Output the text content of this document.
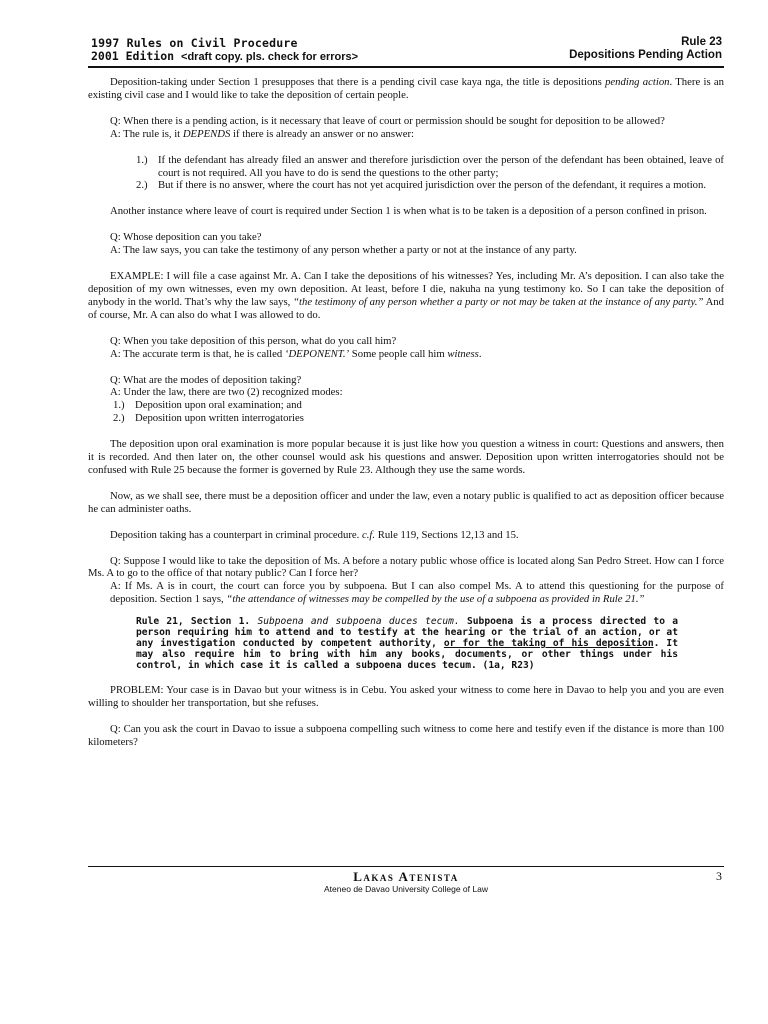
1997 Rules on Civil Procedure
2001 Edition <draft copy. pls. check for errors>
Rule 23
Depositions Pending Action

Deposition-taking under Section 1 presupposes that there is a pending civil case kaya nga, the title is depositions pending action. There is an existing civil case and I would like to take the deposition of certain people.

Q: When there is a pending action, is it necessary that leave of court or permission should be sought for deposition to be allowed?

A: The rule is, it DEPENDS if there is already an answer or no answer:

1.) If the defendant has already filed an answer and therefore jurisdiction over the person of the defendant has been obtained, leave of court is not required. All you have to do is send the questions to the other party;

2.) But if there is no answer, where the court has not yet acquired jurisdiction over the person of the defendant, it requires a motion.

Another instance where leave of court is required under Section 1 is when what is to be taken is a deposition of a person confined in prison.

Q: Whose deposition can you take?

A: The law says, you can take the testimony of any person whether a party or not at the instance of any party.

EXAMPLE: I will file a case against Mr. A. Can I take the depositions of his witnesses? Yes, including Mr. A’s deposition. I can also take the deposition of my own witnesses, even my own deposition. At least, before I die, nakuha na yung testimony ko. So I can take the deposition of anybody in the world. That’s why the law says, “the testimony of any person whether a party or not may be taken at the instance of any party.” And of course, Mr. A can also do what I was allowed to do.

Q: When you take deposition of this person, what do you call him?

A: The accurate term is that, he is called ‘DEPONENT.’ Some people call him witness.

Q: What are the modes of deposition taking?

A: Under the law, there are two (2) recognized modes:

1.) Deposition upon oral examination; and

2.) Deposition upon written interrogatories

The deposition upon oral examination is more popular because it is just like how you question a witness in court: Questions and answers, then it is recorded. And then later on, the other counsel would ask his questions and answer. Deposition upon written interrogatories should not be confused with Rule 25 because the former is governed by Rule 23. Although they use the same words.

Now, as we shall see, there must be a deposition officer and under the law, even a notary public is qualified to act as deposition officer because he can administer oaths.

Deposition taking has a counterpart in criminal procedure. c.f. Rule 119, Sections 12,13 and 15.

Q: Suppose I would like to take the deposition of Ms. A before a notary public whose office is located along San Pedro Street. How can I force Ms. A to go to the office of that notary public? Can I force her?

A: If Ms. A is in court, the court can force you by subpoena. But I can also compel Ms. A to attend this questioning for the purpose of deposition. Section 1 says, “the attendance of witnesses may be compelled by the use of a subpoena as provided in Rule 21.”

Rule 21, Section 1. Subpoena and subpoena duces tecum. Subpoena is a process directed to a person requiring him to attend and to testify at the hearing or the trial of an action, or at any investigation conducted by competent authority, or for the taking of his deposition. It may also require him to bring with him any books, documents, or other things under his control, in which case it is called a subpoena duces tecum. (1a, R23)

PROBLEM: Your case is in Davao but your witness is in Cebu. You asked your witness to come here in Davao to help you and you are even willing to shoulder her transportation, but she refuses.

Q: Can you ask the court in Davao to issue a subpoena compelling such witness to come here and testify even if the distance is more than 100 kilometers?

Lakas Atenista	3
Ateneo de Davao University College of Law
